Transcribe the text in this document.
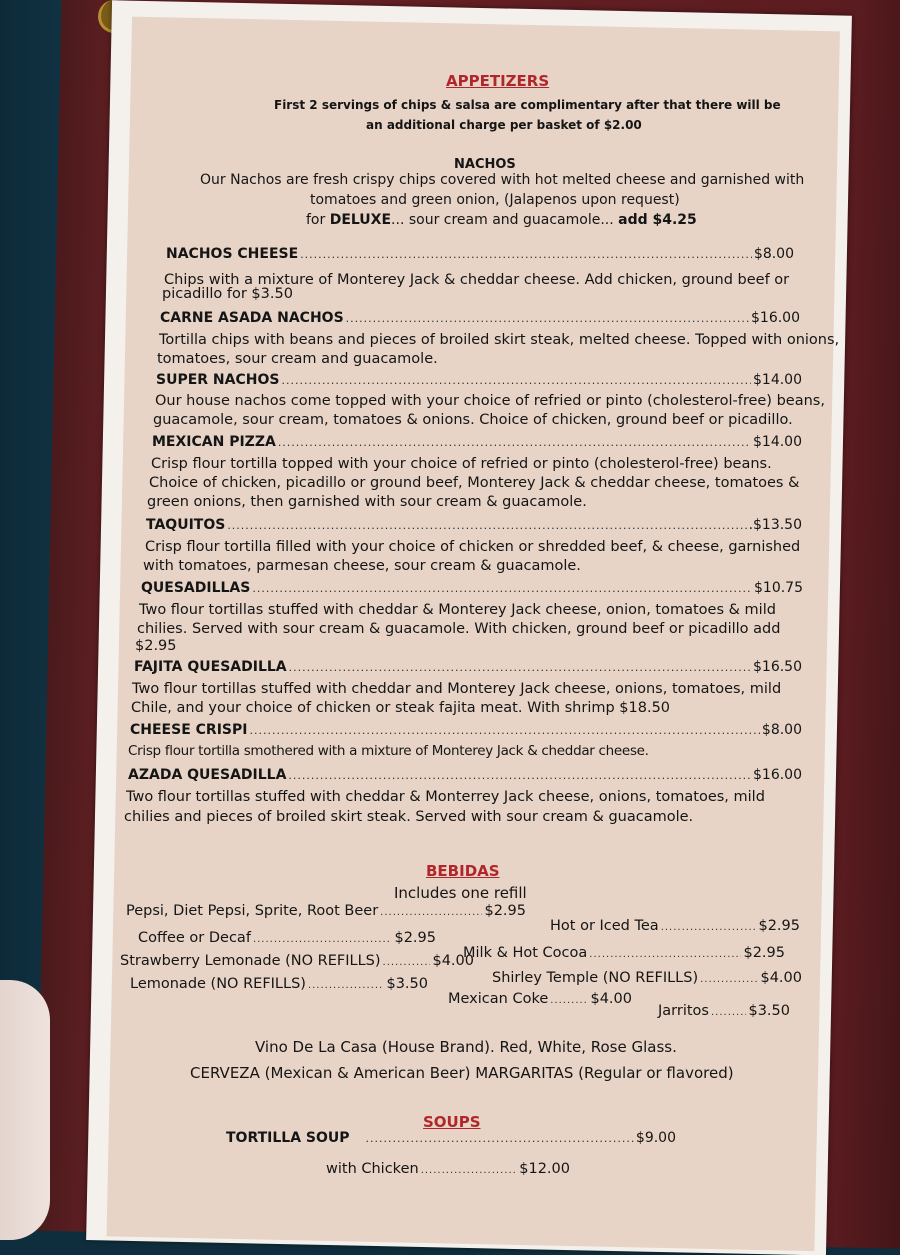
APPETIZERS
First 2 servings of chips & salsa are complimentary after that there will be
an additional charge per basket of $2.00
NACHOS
Our Nachos are fresh crispy chips covered with hot melted cheese and garnished with
tomatoes and green onion, (Jalapenos upon request)
for DELUXE... sour cream and guacamole... add $4.25
NACHOS CHEESE .....	$8.00
Chips with a mixture of Monterey Jack & cheddar cheese. Add chicken, ground beef or
picadillo for $3.50
CARNE ASADA NACHOS .....	$16.00
Tortilla chips with beans and pieces of broiled skirt steak, melted cheese. Topped with onions,
tomatoes, sour cream and guacamole.
SUPER NACHOS .....	$14.00
Our house nachos come topped with your choice of refried or pinto (cholesterol-free) beans,
guacamole, sour cream, tomatoes & onions. Choice of chicken, ground beef or picadillo.
MEXICAN PIZZA .....	$14.00
Crisp flour tortilla topped with your choice of refried or pinto (cholesterol-free) beans.
Choice of chicken, picadillo or ground beef, Monterey Jack & cheddar cheese, tomatoes &
green onions, then garnished with sour cream & guacamole.
TAQUITOS .....	.$13.50
Crisp flour tortilla filled with your choice of chicken or shredded beef, & cheese, garnished
with tomatoes, parmesan cheese, sour cream & guacamole.
QUESADILLAS .....	$10.75
Two flour tortillas stuffed with cheddar & Monterey Jack cheese, onion, tomatoes & mild
chilies. Served with sour cream & guacamole. With chicken, ground beef or picadillo add
$2.95
FAJITA QUESADILLA .....	$16.50
Two flour tortillas stuffed with cheddar and Monterey Jack cheese, onions, tomatoes, mild
Chile, and your choice of chicken or steak fajita meat. With shrimp $18.50
CHEESE CRISPI .....	$8.00
Crisp flour tortilla smothered with a mixture of Monterey Jack & cheddar cheese.
AZADA QUESADILLA .....	$16.00
Two flour tortillas stuffed with cheddar & Monterrey Jack cheese, onions, tomatoes, mild
chilies and pieces of broiled skirt steak. Served with sour cream & guacamole.
BEBIDAS
Includes one refill
Pepsi, Diet Pepsi, Sprite, Root Beer .....	$2.95
Hot or Iced Tea .....	$2.95
Coffee or Decaf .....	$2.95
Milk & Hot Cocoa .....	$2.95
Strawberry Lemonade (NO REFILLS) .....	$4.00
Shirley Temple (NO REFILLS) .....	$4.00
Lemonade (NO REFILLS) .....	$3.50
Mexican Coke .....	$4.00
Jarritos .....	$3.50
Vino De La Casa (House Brand). Red, White, Rose Glass.
CERVEZA (Mexican & American Beer) MARGARITAS (Regular or flavored)
SOUPS
TORTILLA SOUP .....	$9.00
with Chicken .....	$12.00
